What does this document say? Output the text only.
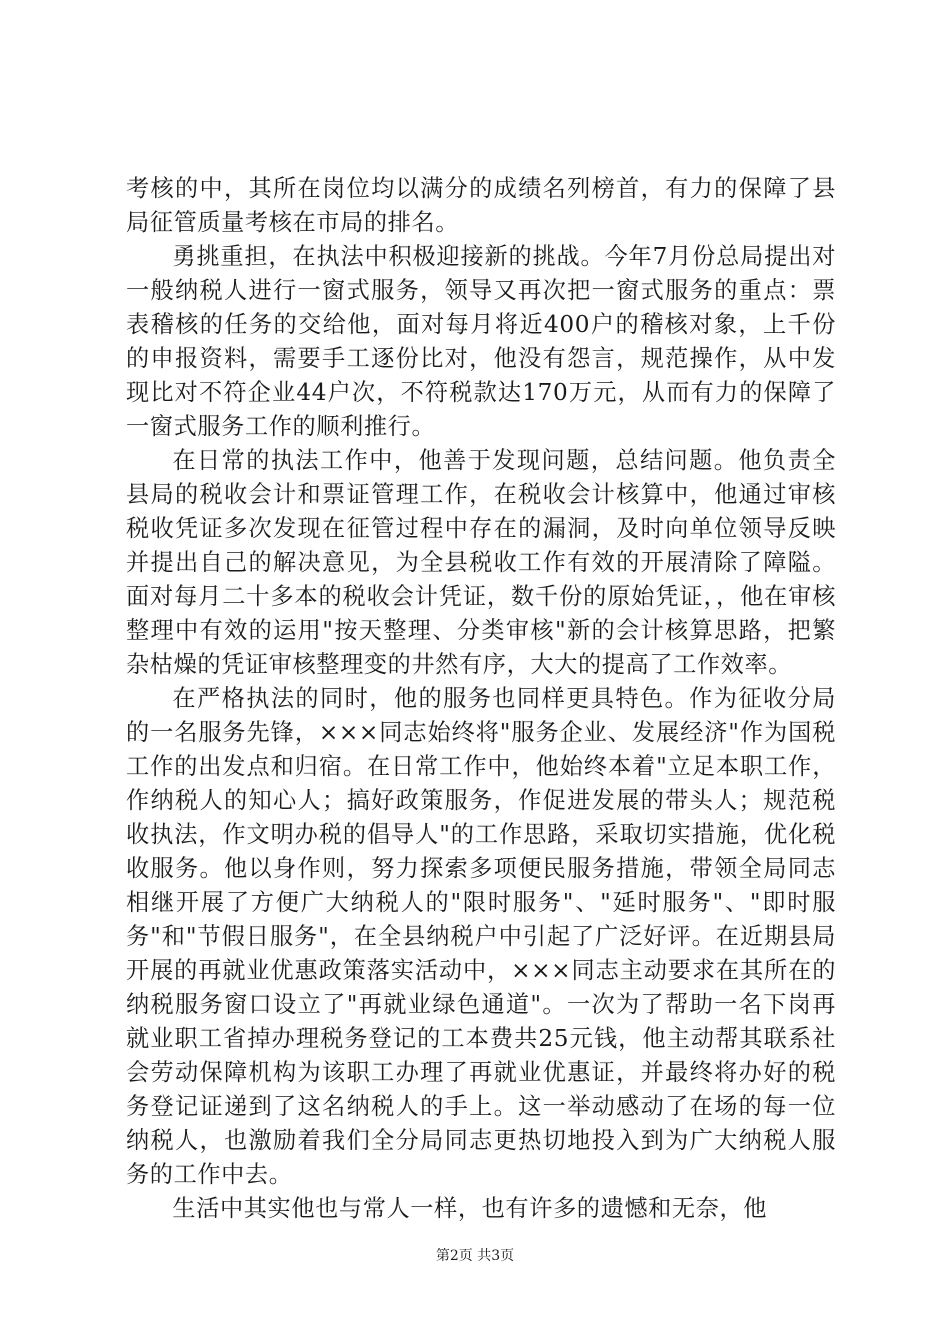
考核的中，其所在岗位均以满分的成绩名列榜首，有力的保障了县局征管质量考核在市局的排名。

勇挑重担，在执法中积极迎接新的挑战。今年7月份总局提出对一般纳税人进行一窗式服务，领导又再次把一窗式服务的重点：票表稽核的任务的交给他，面对每月将近400户的稽核对象，上千份的申报资料，需要手工逐份比对，他没有怨言，规范操作，从中发现比对不符企业44户次，不符税款达170万元，从而有力的保障了一窗式服务工作的顺利推行。

在日常的执法工作中，他善于发现问题，总结问题。他负责全县局的税收会计和票证管理工作，在税收会计核算中，他通过审核税收凭证多次发现在征管过程中存在的漏洞，及时向单位领导反映并提出自己的解决意见，为全县税收工作有效的开展清除了障隘。面对每月二十多本的税收会计凭证，数千份的原始凭证，，他在审核整理中有效的运用"按天整理、分类审核"新的会计核算思路，把繁杂枯燥的凭证审核整理变的井然有序，大大的提高了工作效率。

在严格执法的同时，他的服务也同样更具特色。作为征收分局的一名服务先锋，×××同志始终将"服务企业、发展经济"作为国税工作的出发点和归宿。在日常工作中，他始终本着"立足本职工作，作纳税人的知心人；搞好政策服务，作促进发展的带头人；规范税收执法，作文明办税的倡导人"的工作思路，采取切实措施，优化税收服务。他以身作则，努力探索多项便民服务措施，带领全局同志相继开展了方便广大纳税人的"限时服务"、"延时服务"、"即时服务"和"节假日服务"，在全县纳税户中引起了广泛好评。在近期县局开展的再就业优惠政策落实活动中，×××同志主动要求在其所在的纳税服务窗口设立了"再就业绿色通道"。一次为了帮助一名下岗再就业职工省掉办理税务登记的工本费共25元钱，他主动帮其联系社会劳动保障机构为该职工办理了再就业优惠证，并最终将办好的税务登记证递到了这名纳税人的手上。这一举动感动了在场的每一位纳税人，也激励着我们全分局同志更热切地投入到为广大纳税人服务的工作中去。

生活中其实他也与常人一样，也有许多的遗憾和无奈，他

第2页 共3页
